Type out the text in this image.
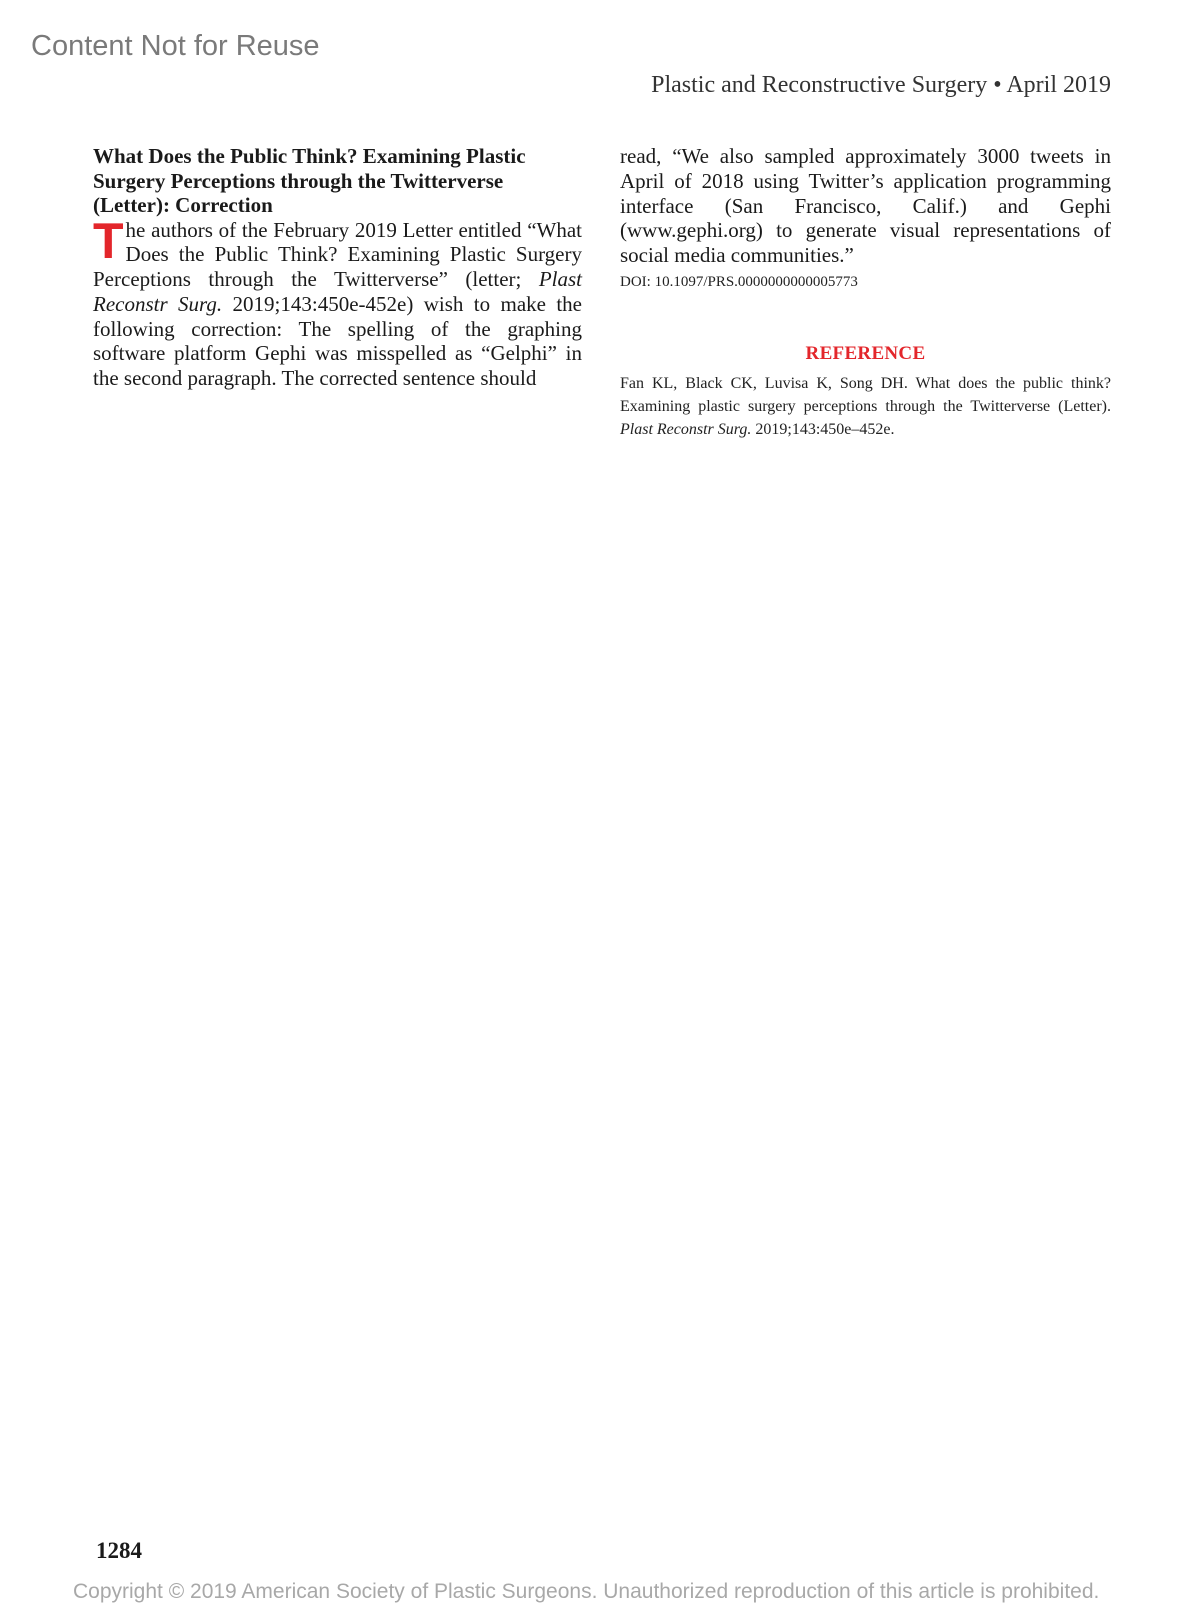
Content Not for Reuse
Plastic and Reconstructive Surgery • April 2019

What Does the Public Think? Examining Plastic Surgery Perceptions through the Twitterverse (Letter): Correction

The authors of the February 2019 Letter entitled “What Does the Public Think? Examining Plastic Surgery Perceptions through the Twitterverse” (letter; Plast Reconstr Surg. 2019;143:450e-452e) wish to make the following correction: The spelling of the graphing software platform Gephi was misspelled as “Gelphi” in the second paragraph. The corrected sentence should

read, “We also sampled approximately 3000 tweets in April of 2018 using Twitter’s application programming interface (San Francisco, Calif.) and Gephi (www.gephi.org) to generate visual representations of social media communities.”

DOI: 10.1097/PRS.0000000000005773
REFERENCE

Fan KL, Black CK, Luvisa K, Song DH. What does the public think? Examining plastic surgery perceptions through the Twitterverse (Letter). Plast Reconstr Surg. 2019;143:450e–452e.

1284
Copyright © 2019 American Society of Plastic Surgeons. Unauthorized reproduction of this article is prohibited.
